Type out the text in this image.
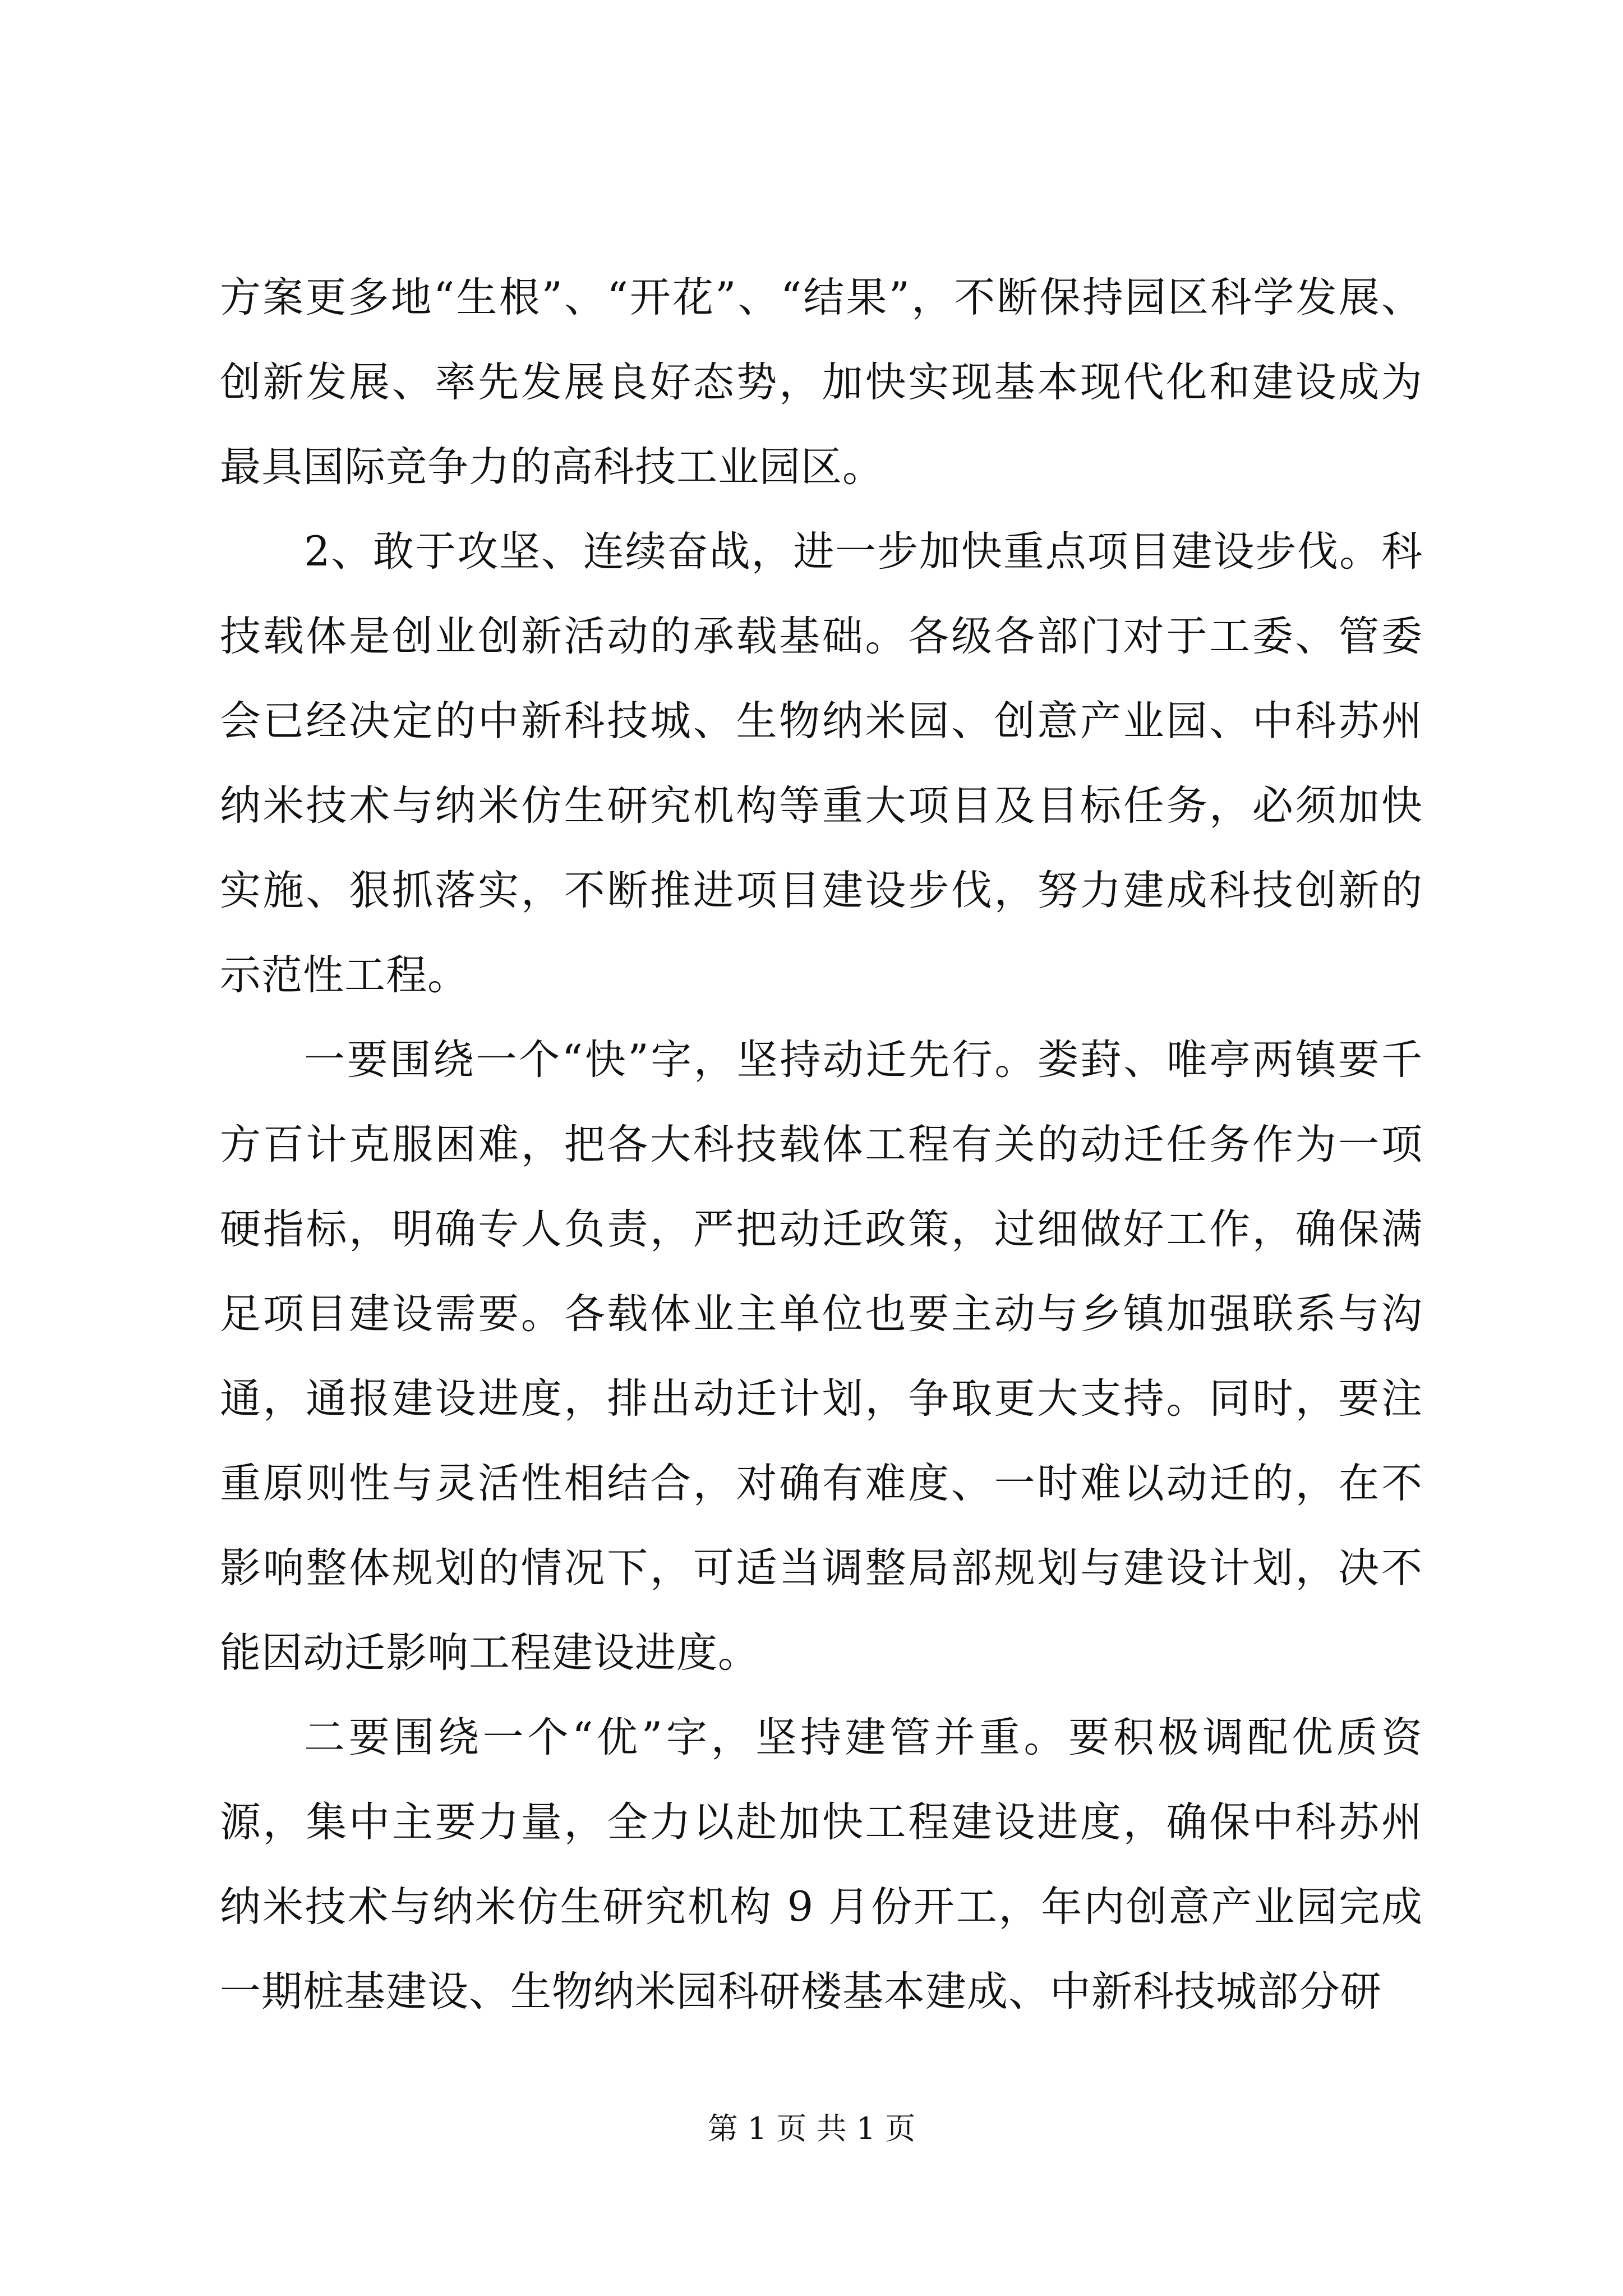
方案更多地“生根”、“开花”、“结果”，不断保持园区科学发展、创新发展、率先发展良好态势，加快实现基本现代化和建设成为最具国际竞争力的高科技工业园区。

2、敢于攻坚、连续奋战，进一步加快重点项目建设步伐。科技载体是创业创新活动的承载基础。各级各部门对于工委、管委会已经决定的中新科技城、生物纳米园、创意产业园、中科苏州纳米技术与纳米仿生研究机构等重大项目及目标任务，必须加快实施、狠抓落实，不断推进项目建设步伐，努力建成科技创新的示范性工程。

一要围绕一个“快”字，坚持动迁先行。娄葑、唯亭两镇要千方百计克服困难，把各大科技载体工程有关的动迁任务作为一项硬指标，明确专人负责，严把动迁政策，过细做好工作，确保满足项目建设需要。各载体业主单位也要主动与乡镇加强联系与沟通，通报建设进度，排出动迁计划，争取更大支持。同时，要注重原则性与灵活性相结合，对确有难度、一时难以动迁的，在不影响整体规划的情况下，可适当调整局部规划与建设计划，决不能因动迁影响工程建设进度。

二要围绕一个“优”字，坚持建管并重。要积极调配优质资源，集中主要力量，全力以赴加快工程建设进度，确保中科苏州纳米技术与纳米仿生研究机构 9 月份开工，年内创意产业园完成一期桩基建设、生物纳米园科研楼基本建成、中新科技城部分研

第 1 页 共 1 页
